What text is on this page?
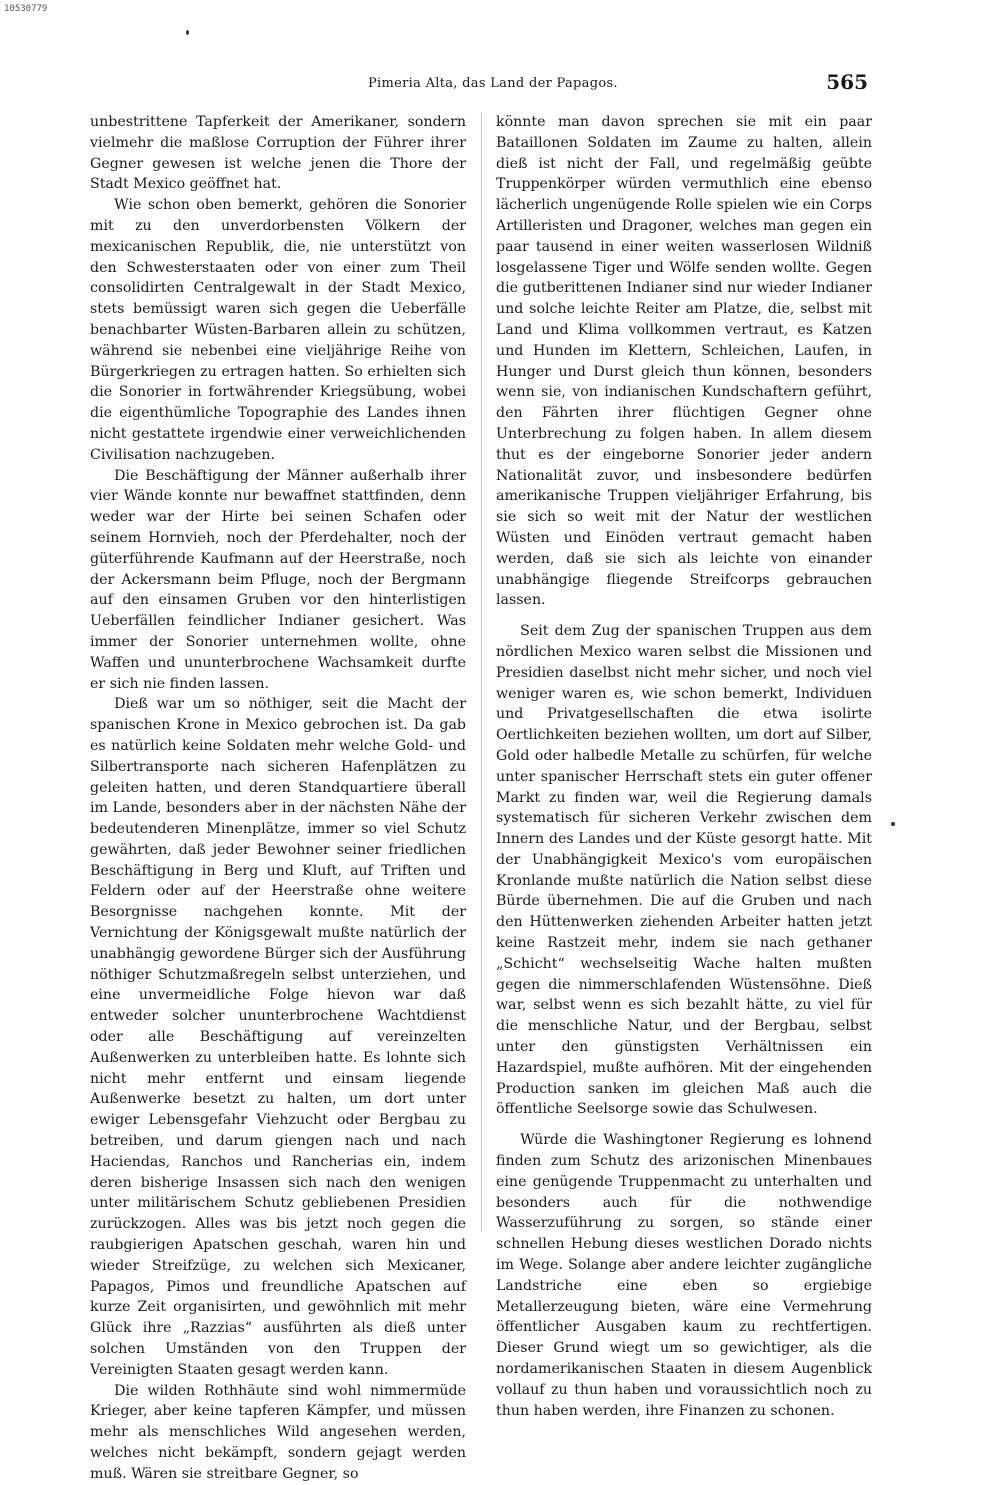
10530779
Pimeria Alta, das Land der Papagos.	565

unbestrittene Tapferkeit der Amerikaner, sondern vielmehr die maßlose Corruption der Führer ihrer Gegner gewesen ist welche jenen die Thore der Stadt Mexico geöffnet hat.

Wie schon oben bemerkt, gehören die Sonorier mit zu den unverdorbensten Völkern der mexicanischen Republik, die, nie unterstützt von den Schwesterstaaten oder von einer zum Theil consolidirten Centralgewalt in der Stadt Mexico, stets bemüssigt waren sich gegen die Ueberfälle benachbarter Wüsten-Barbaren allein zu schützen, während sie nebenbei eine vieljährige Reihe von Bürgerkriegen zu ertragen hatten. So erhielten sich die Sonorier in fortwährender Kriegsübung, wobei die eigenthümliche Topographie des Landes ihnen nicht gestattete irgendwie einer verweichlichenden Civilisation nachzugeben.

Die Beschäftigung der Männer außerhalb ihrer vier Wände konnte nur bewaffnet stattfinden, denn weder war der Hirte bei seinen Schafen oder seinem Hornvieh, noch der Pferdehalter, noch der güterführende Kaufmann auf der Heerstraße, noch der Ackersmann beim Pfluge, noch der Bergmann auf den einsamen Gruben vor den hinterlistigen Ueberfällen feindlicher Indianer gesichert. Was immer der Sonorier unternehmen wollte, ohne Waffen und ununterbrochene Wachsamkeit durfte er sich nie finden lassen.

Dieß war um so nöthiger, seit die Macht der spanischen Krone in Mexico gebrochen ist. Da gab es natürlich keine Soldaten mehr welche Gold- und Silbertransporte nach sicheren Hafenplätzen zu geleiten hatten, und deren Standquartiere überall im Lande, besonders aber in der nächsten Nähe der bedeutenderen Minenplätze, immer so viel Schutz gewährten, daß jeder Bewohner seiner friedlichen Beschäftigung in Berg und Kluft, auf Triften und Feldern oder auf der Heerstraße ohne weitere Besorgnisse nachgehen konnte. Mit der Vernichtung der Königsgewalt mußte natürlich der unabhängig gewordene Bürger sich der Ausführung nöthiger Schutzmaßregeln selbst unterziehen, und eine unvermeidliche Folge hievon war daß entweder solcher ununterbrochene Wachtdienst oder alle Beschäftigung auf vereinzelten Außenwerken zu unterbleiben hatte. Es lohnte sich nicht mehr entfernt und einsam liegende Außenwerke besetzt zu halten, um dort unter ewiger Lebensgefahr Viehzucht oder Bergbau zu betreiben, und darum giengen nach und nach Haciendas, Ranchos und Rancherias ein, indem deren bisherige Insassen sich nach den wenigen unter militärischem Schutz gebliebenen Presidien zurückzogen. Alles was bis jetzt noch gegen die raubgierigen Apatschen geschah, waren hin und wieder Streifzüge, zu welchen sich Mexicaner, Papagos, Pimos und freundliche Apatschen auf kurze Zeit organisirten, und gewöhnlich mit mehr Glück ihre „Razzias“ ausführten als dieß unter solchen Umständen von den Truppen der Vereinigten Staaten gesagt werden kann.

Die wilden Rothhäute sind wohl nimmermüde Krieger, aber keine tapferen Kämpfer, und müssen mehr als menschliches Wild angesehen werden, welches nicht bekämpft, sondern gejagt werden muß. Wären sie streitbare Gegner, so

könnte man davon sprechen sie mit ein paar Bataillonen Soldaten im Zaume zu halten, allein dieß ist nicht der Fall, und regelmäßig geübte Truppenkörper würden vermuthlich eine ebenso lächerlich ungenügende Rolle spielen wie ein Corps Artilleristen und Dragoner, welches man gegen ein paar tausend in einer weiten wasserlosen Wildniß losgelassene Tiger und Wölfe senden wollte. Gegen die gutberittenen Indianer sind nur wieder Indianer und solche leichte Reiter am Platze, die, selbst mit Land und Klima vollkommen vertraut, es Katzen und Hunden im Klettern, Schleichen, Laufen, in Hunger und Durst gleich thun können, besonders wenn sie, von indianischen Kundschaftern geführt, den Fährten ihrer flüchtigen Gegner ohne Unterbrechung zu folgen haben. In allem diesem thut es der eingeborne Sonorier jeder andern Nationalität zuvor, und insbesondere bedürfen amerikanische Truppen vieljähriger Erfahrung, bis sie sich so weit mit der Natur der westlichen Wüsten und Einöden vertraut gemacht haben werden, daß sie sich als leichte von einander unabhängige fliegende Streifcorps gebrauchen lassen.

Seit dem Zug der spanischen Truppen aus dem nördlichen Mexico waren selbst die Missionen und Presidien daselbst nicht mehr sicher, und noch viel weniger waren es, wie schon bemerkt, Individuen und Privatgesellschaften die etwa isolirte Oertlichkeiten beziehen wollten, um dort auf Silber, Gold oder halbedle Metalle zu schürfen, für welche unter spanischer Herrschaft stets ein guter offener Markt zu finden war, weil die Regierung damals systematisch für sicheren Verkehr zwischen dem Innern des Landes und der Küste gesorgt hatte. Mit der Unabhängigkeit Mexico's vom europäischen Kronlande mußte natürlich die Nation selbst diese Bürde übernehmen. Die auf die Gruben und nach den Hüttenwerken ziehenden Arbeiter hatten jetzt keine Rastzeit mehr, indem sie nach gethaner „Schicht“ wechselseitig Wache halten mußten gegen die nimmerschlafenden Wüstensöhne. Dieß war, selbst wenn es sich bezahlt hätte, zu viel für die menschliche Natur, und der Bergbau, selbst unter den günstigsten Verhältnissen ein Hazardspiel, mußte aufhören. Mit der eingehenden Production sanken im gleichen Maß auch die öffentliche Seelsorge sowie das Schulwesen.

Würde die Washingtoner Regierung es lohnend finden zum Schutz des arizonischen Minenbaues eine genügende Truppenmacht zu unterhalten und besonders auch für die nothwendige Wasserzuführung zu sorgen, so stände einer schnellen Hebung dieses westlichen Dorado nichts im Wege. Solange aber andere leichter zugängliche Landstriche eine eben so ergiebige Metallerzeugung bieten, wäre eine Vermehrung öffentlicher Ausgaben kaum zu rechtfertigen. Dieser Grund wiegt um so gewichtiger, als die nordamerikanischen Staaten in diesem Augenblick vollauf zu thun haben und voraussichtlich noch zu thun haben werden, ihre Finanzen zu schonen.
